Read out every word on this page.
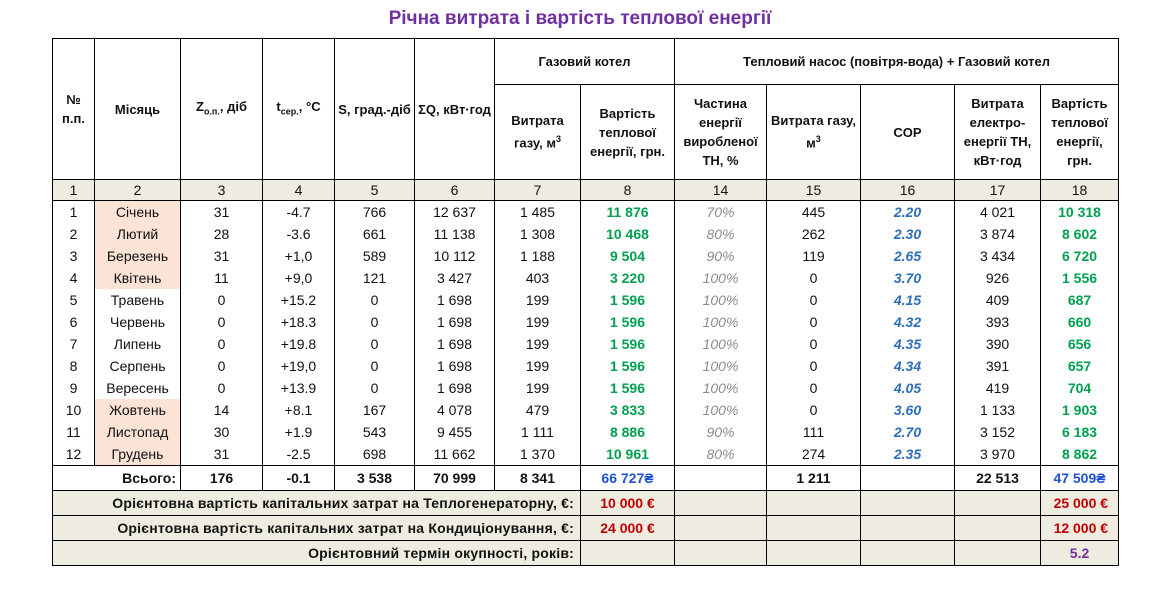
Річна витрата і вартість теплової енергії
№ п.п.	Місяць	$Z_{о.п.}$, діб	$t_{сер.}$, °C	S, град.-діб	ΣQ, кВт·год	Газовий котел		Тепловий насос (повітря-вода) + Газовий котел				
						Витрата газу, $м^3$	Вартість теплової енергії, грн.	Частина енергії виробленої ТН, %	Витрата газу, $м^3$	COP	Витрата електро-енергії ТН, кВт·год	Вартість теплової енергії, грн.
1	2	3	4	5	6	7	8	14	15	16	17	18
1	Січень	31	-4.7	766	12 637	1 485	11 876	70%	445	2.20	4 021	10 318
2	Лютий	28	-3.6	661	11 138	1 308	10 468	80%	262	2.30	3 874	8 602
3	Березень	31	+1,0	589	10 112	1 188	9 504	90%	119	2.65	3 434	6 720
4	Квітень	11	+9,0	121	3 427	403	3 220	100%	0	3.70	926	1 556
5	Травень	0	+15.2	0	1 698	199	1 596	100%	0	4.15	409	687
6	Червень	0	+18.3	0	1 698	199	1 596	100%	0	4.32	393	660
7	Липень	0	+19.8	0	1 698	199	1 596	100%	0	4.35	390	656
8	Серпень	0	+19,0	0	1 698	199	1 596	100%	0	4.34	391	657
9	Вересень	0	+13.9	0	1 698	199	1 596	100%	0	4.05	419	704
10	Жовтень	14	+8.1	167	4 078	479	3 833	100%	0	3.60	1 133	1 903
11	Листопад	30	+1.9	543	9 455	1 111	8 886	90%	111	2.70	3 152	6 183
12	Грудень	31	-2.5	698	11 662	1 370	10 961	80%	274	2.35	3 970	8 862
Всього:		176	-0.1	3 538	70 999	8 341	66 727₴		1 211		22 513	47 509₴
Орієнтовна вартість капітальних затрат на Теплогенераторну, €:							10 000 €					25 000 €
Орієнтовна вартість капітальних затрат на Кондиціонування, €:							24 000 €					12 000 €
Орієнтовний термін окупності, років:												5.2
